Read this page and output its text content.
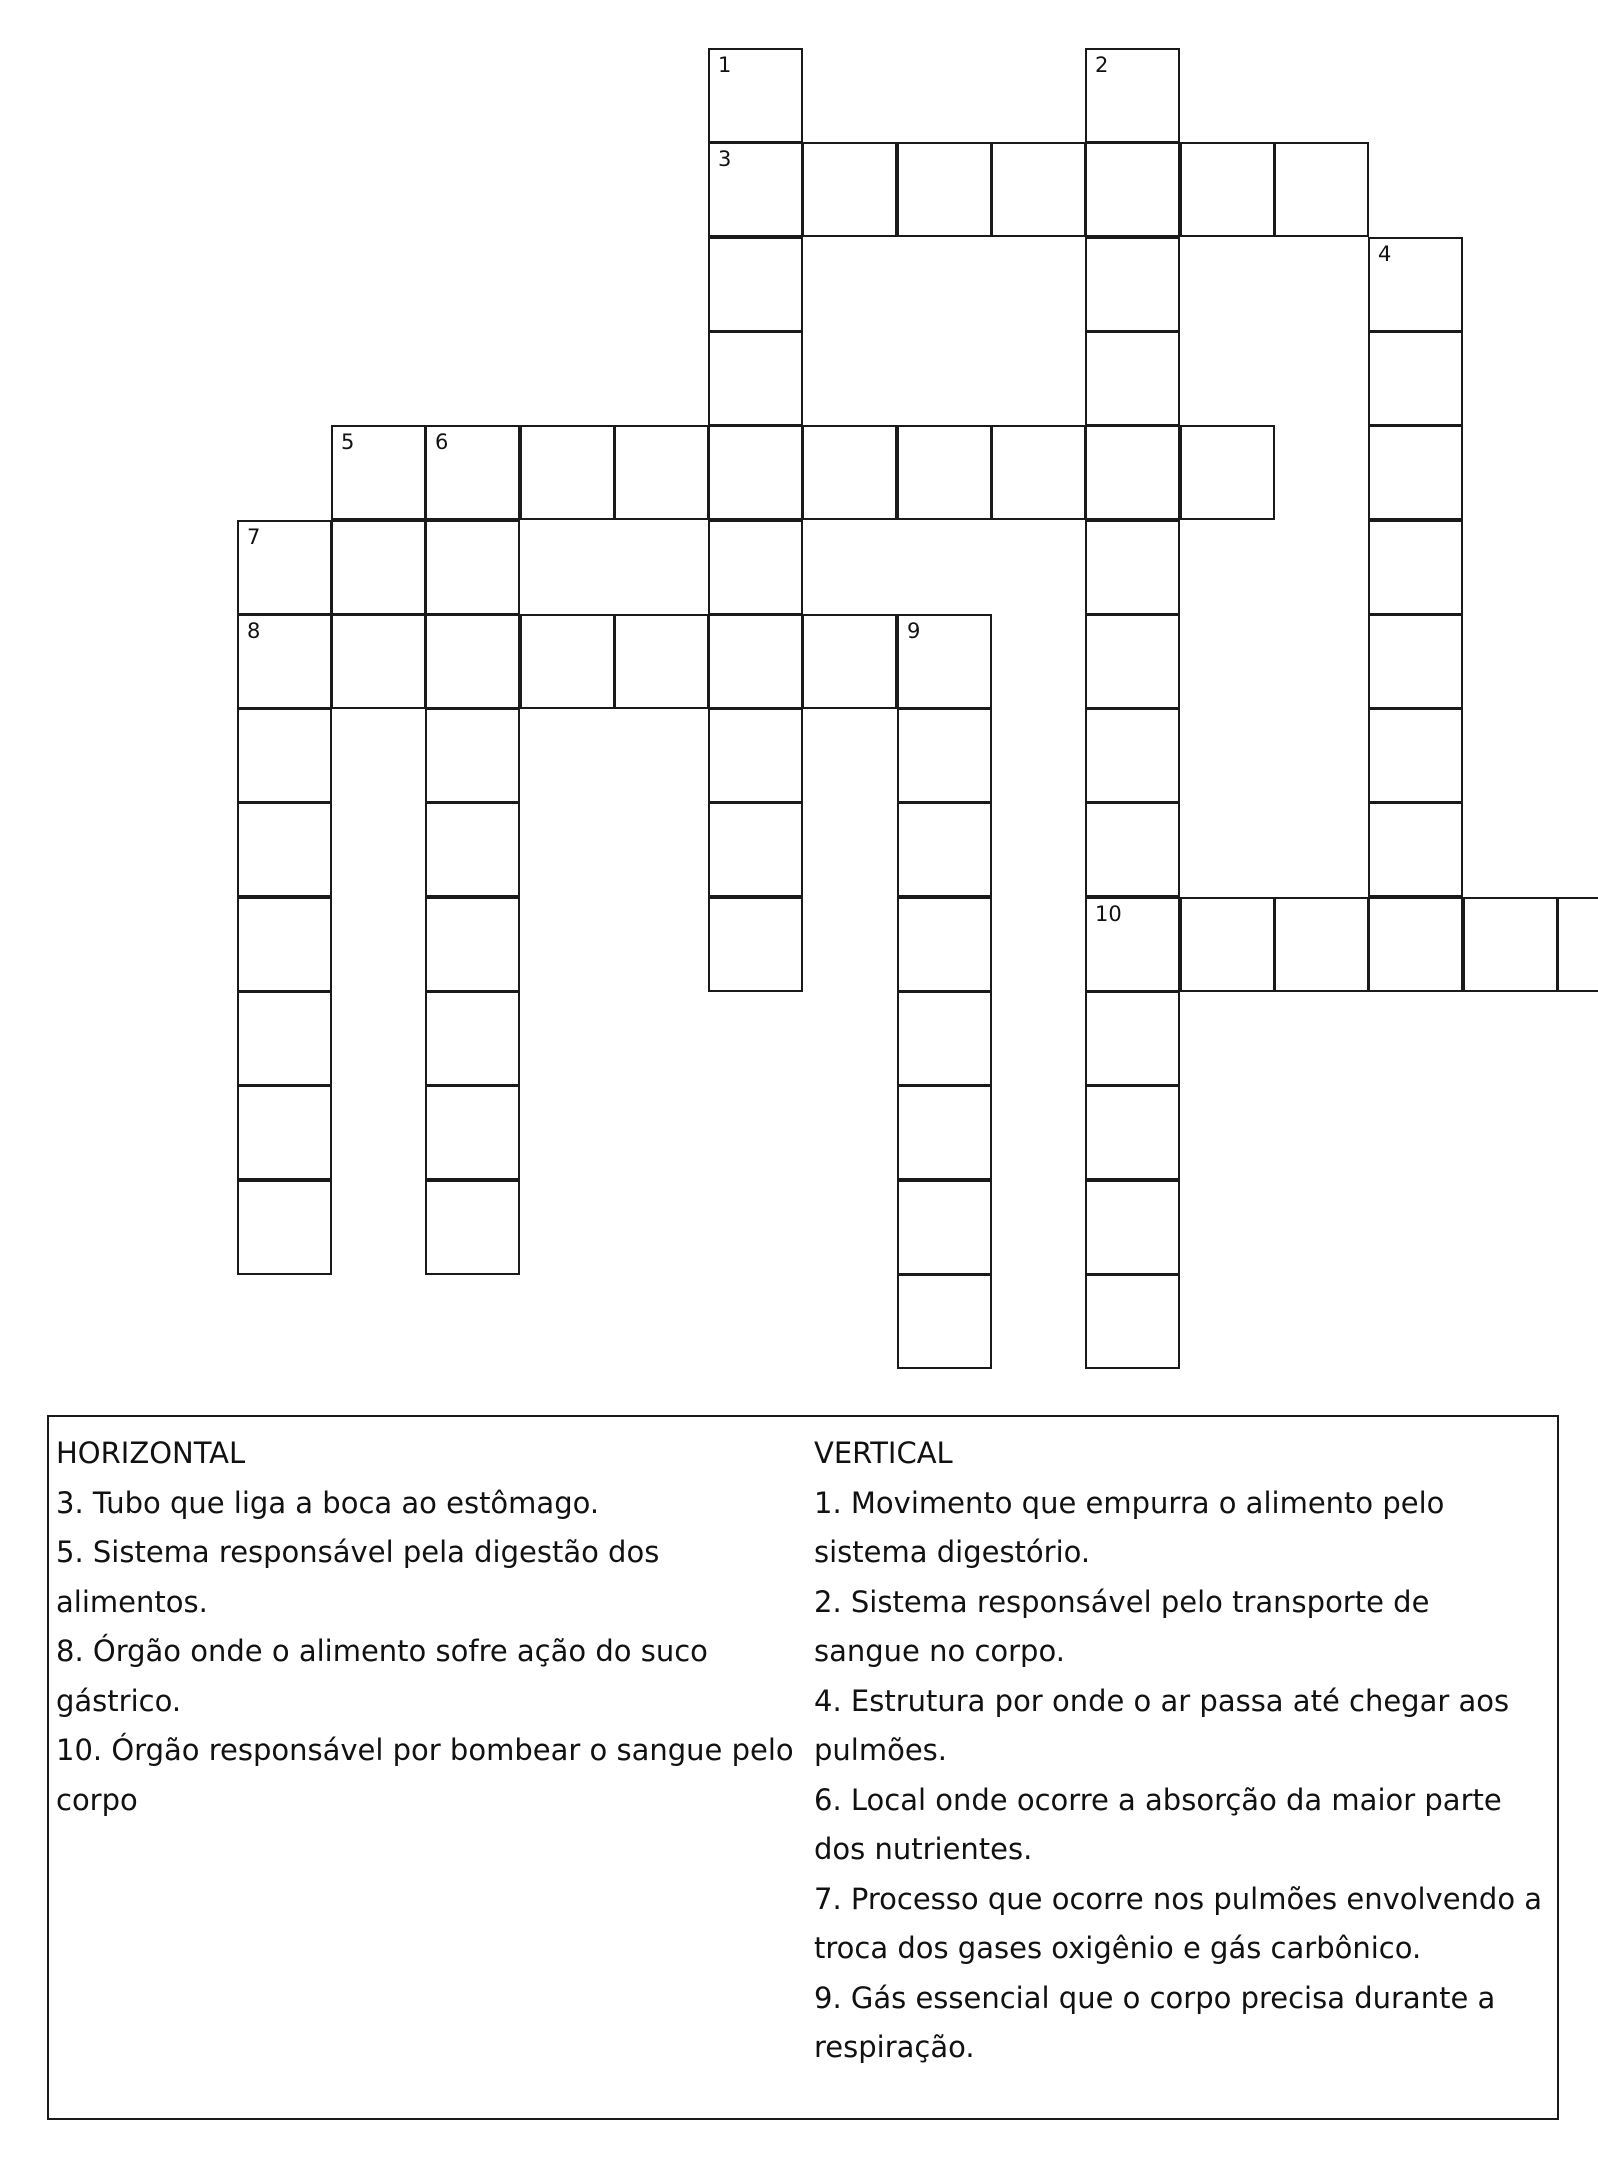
1	2
3
4
5	6
7
8	9
10

HORIZONTAL

3. Tubo que liga a boca ao estômago.

5. Sistema responsável pela digestão dos alimentos.

8. Órgão onde o alimento sofre ação do suco gástrico.

10. Órgão responsável por bombear o sangue pelo corpo

VERTICAL

1. Movimento que empurra o alimento pelo sistema digestório.

2. Sistema responsável pelo transporte de sangue no corpo.

4. Estrutura por onde o ar passa até chegar aos pulmões.

6. Local onde ocorre a absorção da maior parte dos nutrientes.

7. Processo que ocorre nos pulmões envolvendo a troca dos gases oxigênio e gás carbônico.

9. Gás essencial que o corpo precisa durante a respiração.
